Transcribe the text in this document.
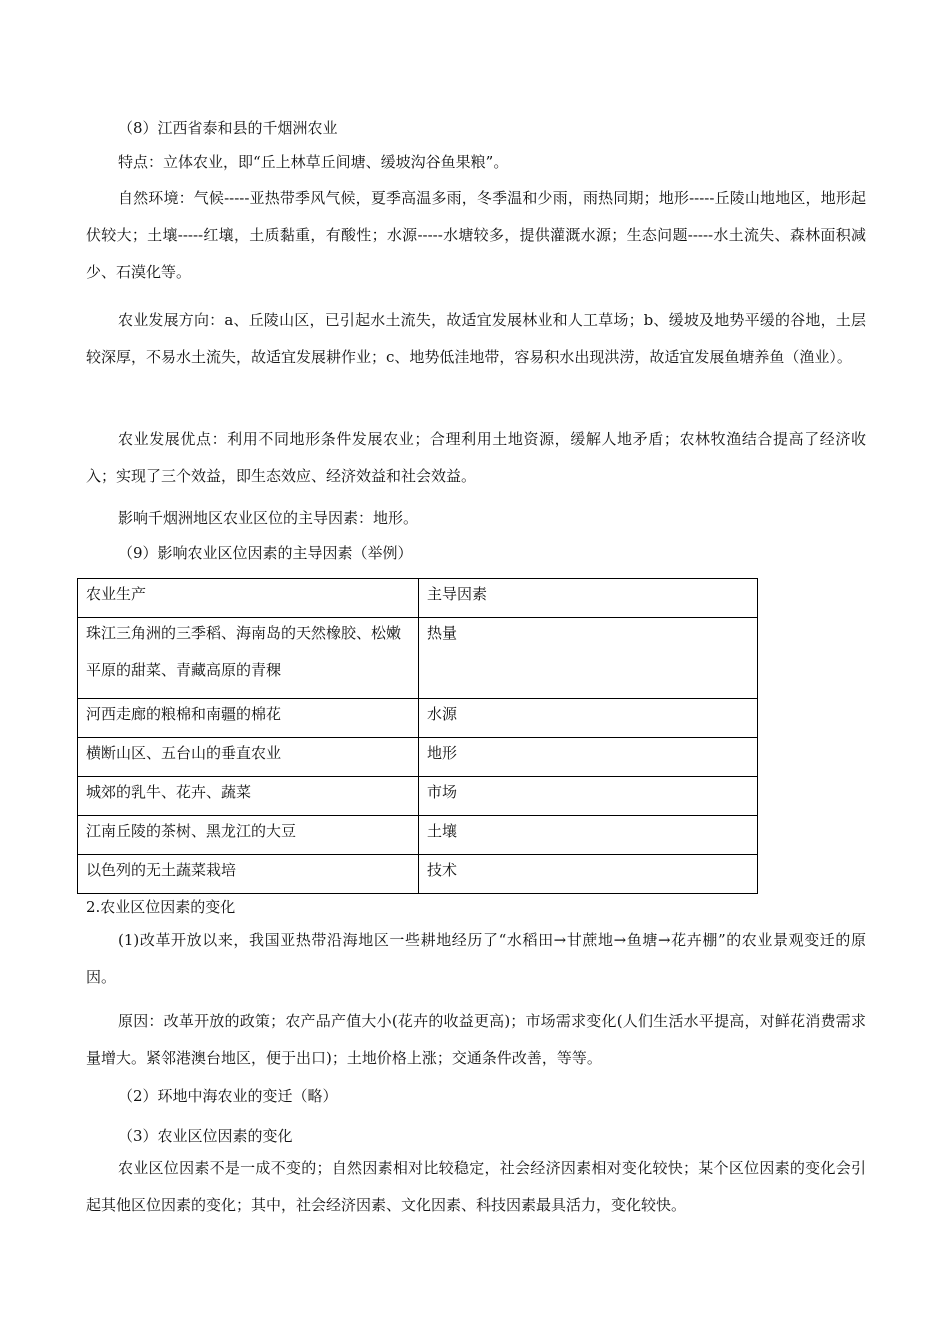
（8）江西省泰和县的千烟洲农业

特点：立体农业，即“丘上林草丘间塘、缓坡沟谷鱼果粮”。

自然环境：气候-----亚热带季风气候，夏季高温多雨，冬季温和少雨，雨热同期；地形-----丘陵山地地区，地形起伏较大；土壤-----红壤，土质黏重，有酸性；水源-----水塘较多，提供灌溉水源；生态问题-----水土流失、森林面积减少、石漠化等。

农业发展方向：a、丘陵山区，已引起水土流失，故适宜发展林业和人工草场；b、缓坡及地势平缓的谷地，土层较深厚，不易水土流失，故适宜发展耕作业；c、地势低洼地带，容易积水出现洪涝，故适宜发展鱼塘养鱼（渔业）。

农业发展优点：利用不同地形条件发展农业；合理利用土地资源，缓解人地矛盾；农林牧渔结合提高了经济收入；实现了三个效益，即生态效应、经济效益和社会效益。

影响千烟洲地区农业区位的主导因素：地形。

（9）影响农业区位因素的主导因素（举例）

农业生产	主导因素

珠江三角洲的三季稻、海南岛的天然橡胶、松嫩平原的甜菜、青藏高原的青稞	热量

河西走廊的粮棉和南疆的棉花	水源

横断山区、五台山的垂直农业	地形

城郊的乳牛、花卉、蔬菜	市场

江南丘陵的茶树、黑龙江的大豆	土壤

以色列的无土蔬菜栽培	技术

2.农业区位因素的变化

(1)改革开放以来，我国亚热带沿海地区一些耕地经历了“水稻田→甘蔗地→鱼塘→花卉棚”的农业景观变迁的原因。

原因：改革开放的政策；农产品产值大小(花卉的收益更高)；市场需求变化(人们生活水平提高，对鲜花消费需求量增大。紧邻港澳台地区，便于出口)；土地价格上涨；交通条件改善，等等。

（2）环地中海农业的变迁（略）

（3）农业区位因素的变化

农业区位因素不是一成不变的；自然因素相对比较稳定，社会经济因素相对变化较快；某个区位因素的变化会引起其他区位因素的变化；其中，社会经济因素、文化因素、科技因素最具活力，变化较快。
